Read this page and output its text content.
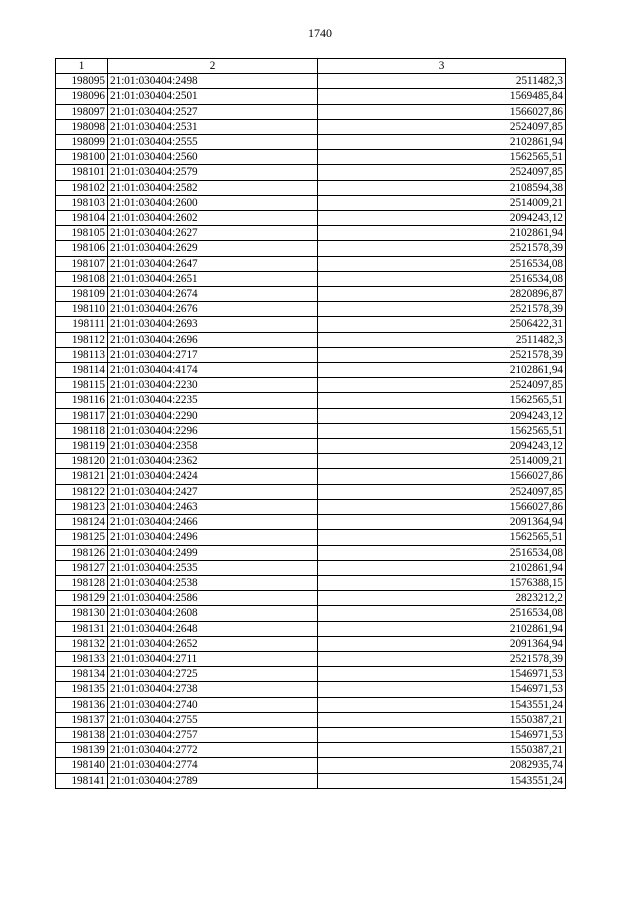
1740
1	2	3
198095	21:01:030404:2498	2511482,3
198096	21:01:030404:2501	1569485,84
198097	21:01:030404:2527	1566027,86
198098	21:01:030404:2531	2524097,85
198099	21:01:030404:2555	2102861,94
198100	21:01:030404:2560	1562565,51
198101	21:01:030404:2579	2524097,85
198102	21:01:030404:2582	2108594,38
198103	21:01:030404:2600	2514009,21
198104	21:01:030404:2602	2094243,12
198105	21:01:030404:2627	2102861,94
198106	21:01:030404:2629	2521578,39
198107	21:01:030404:2647	2516534,08
198108	21:01:030404:2651	2516534,08
198109	21:01:030404:2674	2820896,87
198110	21:01:030404:2676	2521578,39
198111	21:01:030404:2693	2506422,31
198112	21:01:030404:2696	2511482,3
198113	21:01:030404:2717	2521578,39
198114	21:01:030404:4174	2102861,94
198115	21:01:030404:2230	2524097,85
198116	21:01:030404:2235	1562565,51
198117	21:01:030404:2290	2094243,12
198118	21:01:030404:2296	1562565,51
198119	21:01:030404:2358	2094243,12
198120	21:01:030404:2362	2514009,21
198121	21:01:030404:2424	1566027,86
198122	21:01:030404:2427	2524097,85
198123	21:01:030404:2463	1566027,86
198124	21:01:030404:2466	2091364,94
198125	21:01:030404:2496	1562565,51
198126	21:01:030404:2499	2516534,08
198127	21:01:030404:2535	2102861,94
198128	21:01:030404:2538	1576388,15
198129	21:01:030404:2586	2823212,2
198130	21:01:030404:2608	2516534,08
198131	21:01:030404:2648	2102861,94
198132	21:01:030404:2652	2091364,94
198133	21:01:030404:2711	2521578,39
198134	21:01:030404:2725	1546971,53
198135	21:01:030404:2738	1546971,53
198136	21:01:030404:2740	1543551,24
198137	21:01:030404:2755	1550387,21
198138	21:01:030404:2757	1546971,53
198139	21:01:030404:2772	1550387,21
198140	21:01:030404:2774	2082935,74
198141	21:01:030404:2789	1543551,24
